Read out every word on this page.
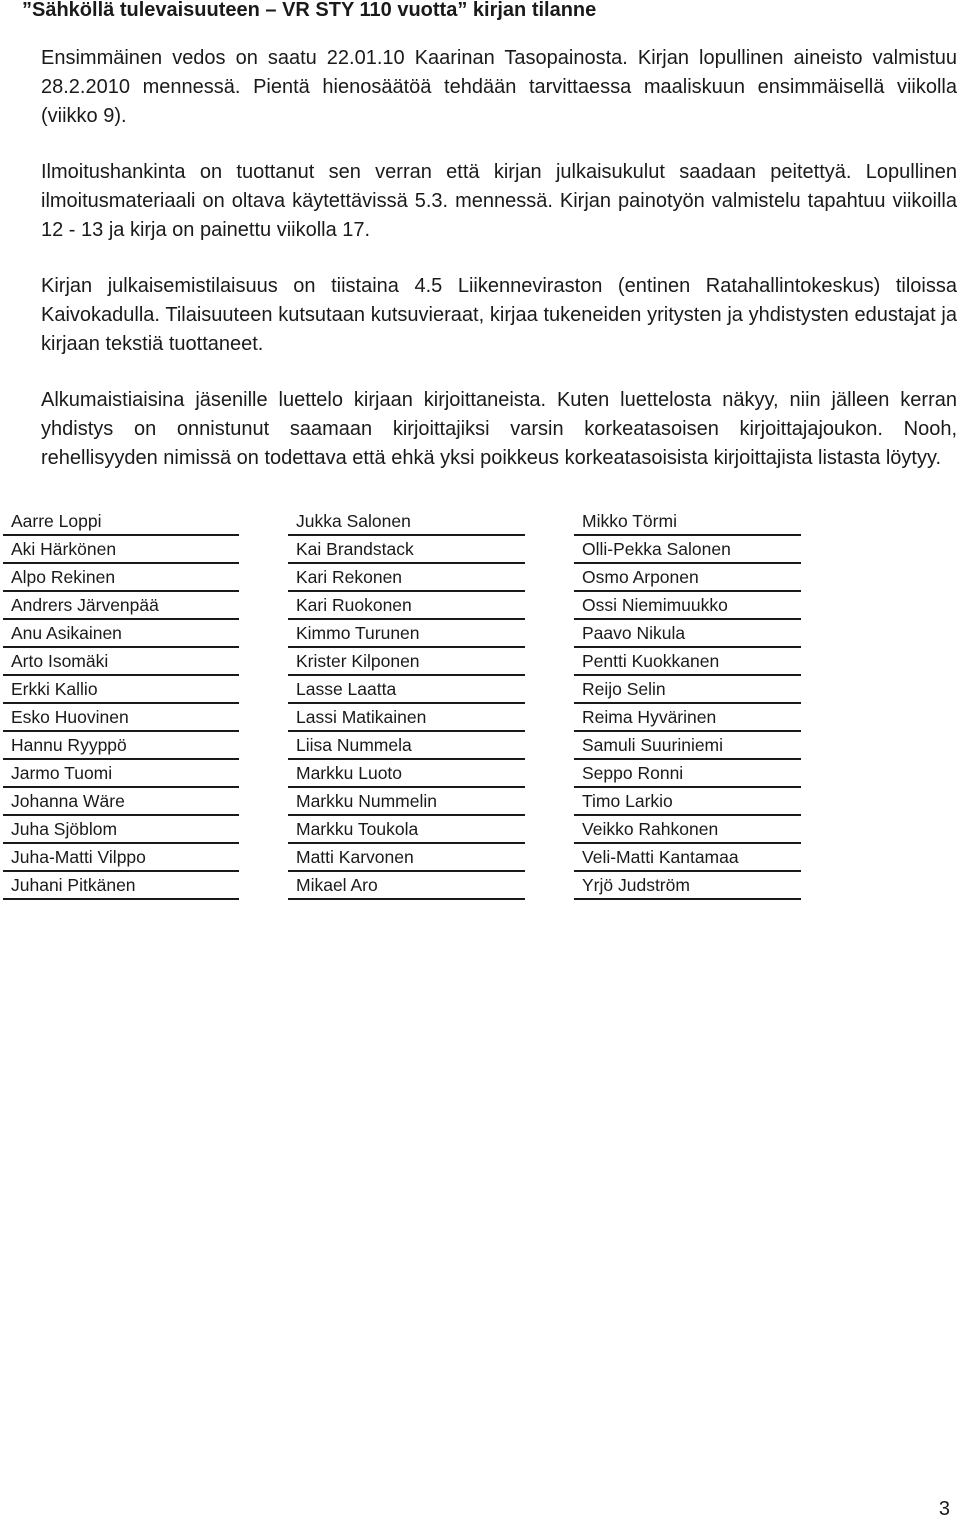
”Sähköllä tulevaisuuteen – VR STY 110 vuotta” kirjan tilanne

Ensimmäinen vedos on saatu 22.01.10 Kaarinan Tasopainosta. Kirjan lopullinen aineisto valmistuu 28.2.2010 mennessä. Pientä hienosäätöä tehdään tarvittaessa maaliskuun ensimmäisellä viikolla (viikko 9).

Ilmoitushankinta on tuottanut sen verran että kirjan julkaisukulut saadaan peitettyä. Lopullinen ilmoitusmateriaali on oltava käytettävissä 5.3. mennessä. Kirjan painotyön valmistelu tapahtuu viikoilla 12 - 13 ja kirja on painettu viikolla 17.

Kirjan julkaisemistilaisuus on tiistaina 4.5 Liikenneviraston (entinen Ratahallintokeskus) tiloissa Kaivokadulla. Tilaisuuteen kutsutaan kutsuvieraat, kirjaa tukeneiden yritysten ja yhdistysten edustajat ja kirjaan tekstiä tuottaneet.

Alkumaistiaisina jäsenille luettelo kirjaan kirjoittaneista. Kuten luettelosta näkyy, niin jälleen kerran yhdistys on onnistunut saamaan kirjoittajiksi varsin korkeatasoisen kirjoittajajoukon. Nooh, rehellisyyden nimissä on todettava että ehkä yksi poikkeus korkeatasoisista kirjoittajista listasta löytyy.

Aarre Loppi
Aki Härkönen
Alpo Rekinen
Andrers Järvenpää
Anu Asikainen
Arto Isomäki
Erkki Kallio
Esko Huovinen
Hannu Ryyppö
Jarmo Tuomi
Johanna Wäre
Juha Sjöblom
Juha-Matti Vilppo
Juhani Pitkänen
Jukka Salonen
Kai Brandstack
Kari Rekonen
Kari Ruokonen
Kimmo Turunen
Krister Kilponen
Lasse Laatta
Lassi Matikainen
Liisa Nummela
Markku Luoto
Markku Nummelin
Markku Toukola
Matti Karvonen
Mikael Aro
Mikko Törmi
Olli-Pekka Salonen
Osmo Arponen
Ossi Niemimuukko
Paavo Nikula
Pentti Kuokkanen
Reijo Selin
Reima Hyvärinen
Samuli Suuriniemi
Seppo Ronni
Timo Larkio
Veikko Rahkonen
Veli-Matti Kantamaa
Yrjö Judström
3
